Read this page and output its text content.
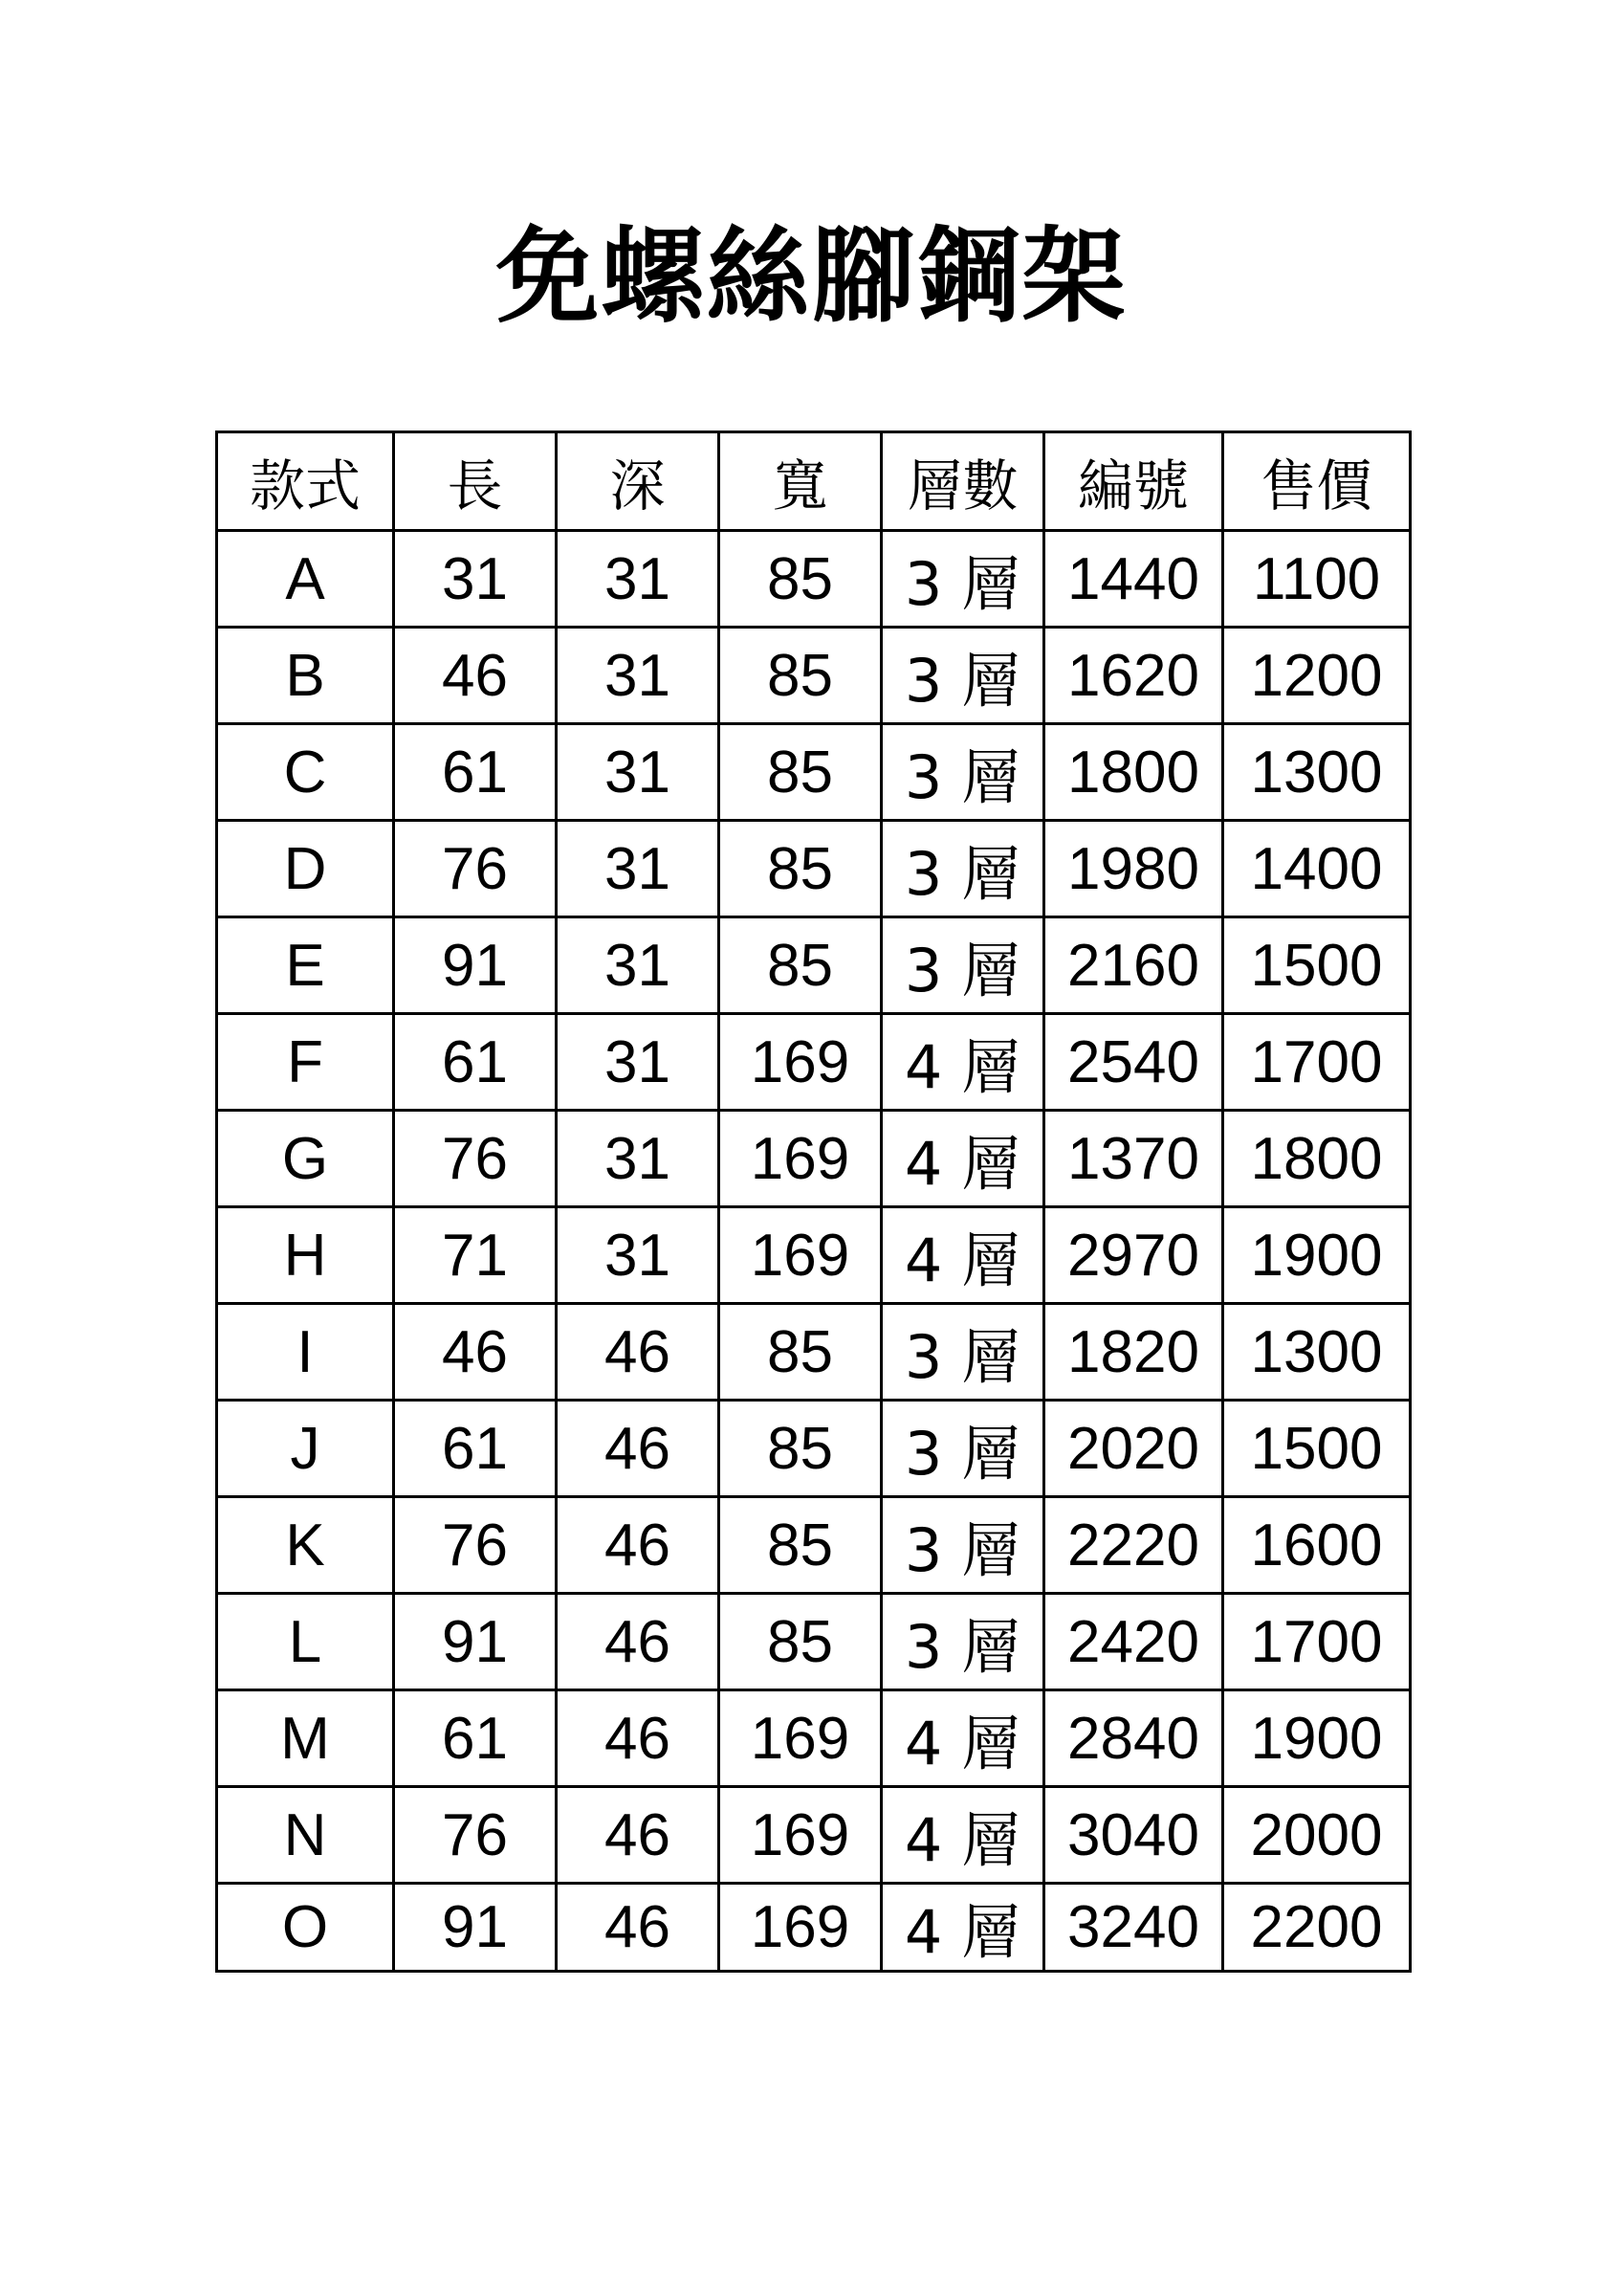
免螺絲腳鋼架
款式	長	深	寬	層數	編號	售價
A	31	31	85	3 層	1440	1100
B	46	31	85	3 層	1620	1200
C	61	31	85	3 層	1800	1300
D	76	31	85	3 層	1980	1400
E	91	31	85	3 層	2160	1500
F	61	31	169	4 層	2540	1700
G	76	31	169	4 層	1370	1800
H	71	31	169	4 層	2970	1900
I	46	46	85	3 層	1820	1300
J	61	46	85	3 層	2020	1500
K	76	46	85	3 層	2220	1600
L	91	46	85	3 層	2420	1700
M	61	46	169	4 層	2840	1900
N	76	46	169	4 層	3040	2000
O	91	46	169	4 層	3240	2200
